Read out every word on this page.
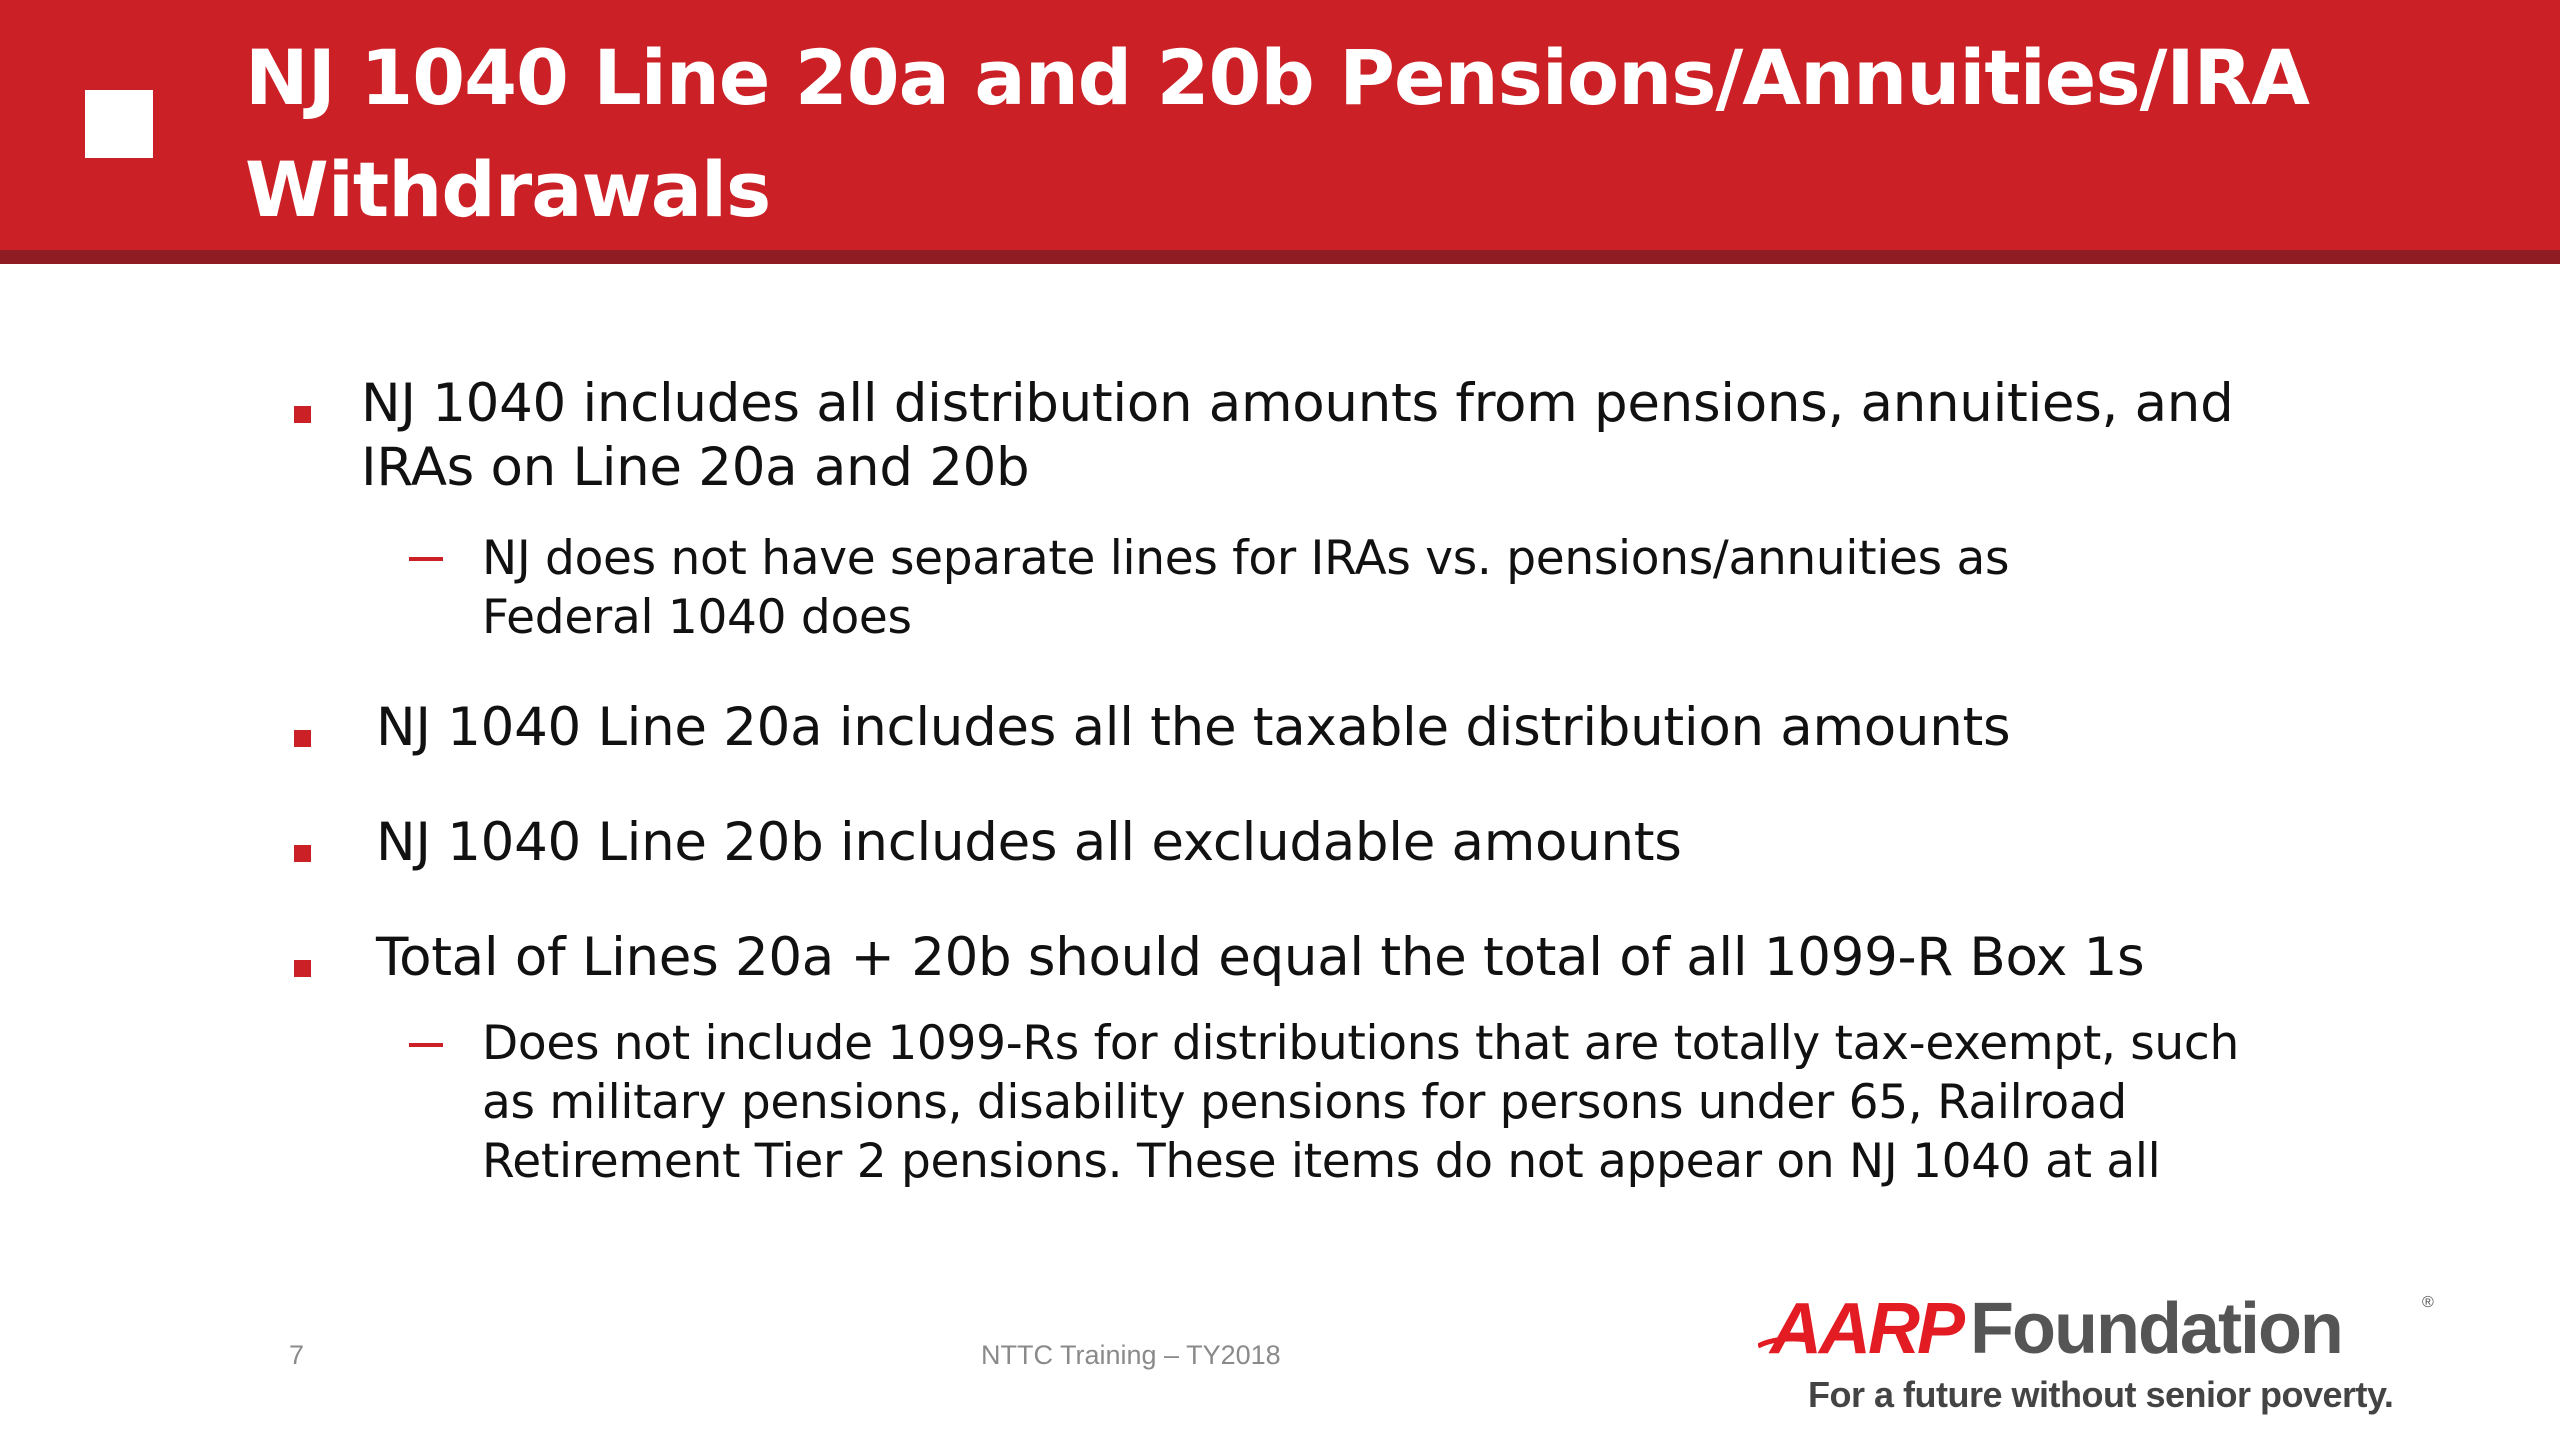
NJ 1040 Line 20a and 20b Pensions/Annuities/IRA
Withdrawals
NJ 1040 includes all distribution amounts from pensions, annuities, and
IRAs on Line 20a and 20b
NJ does not have separate lines for IRAs vs. pensions/annuities as
Federal 1040 does
NJ 1040 Line 20a includes all the taxable distribution amounts
NJ 1040 Line 20b includes all excludable amounts
Total of Lines 20a + 20b should equal the total of all 1099-R Box 1s
Does not include 1099-Rs for distributions that are totally tax-exempt, such
as military pensions, disability pensions for persons under 65, Railroad
Retirement Tier 2 pensions. These items do not appear on NJ 1040 at all
7	NTTC Training – TY2018	AARP Foundation	®
For a future without senior poverty.
